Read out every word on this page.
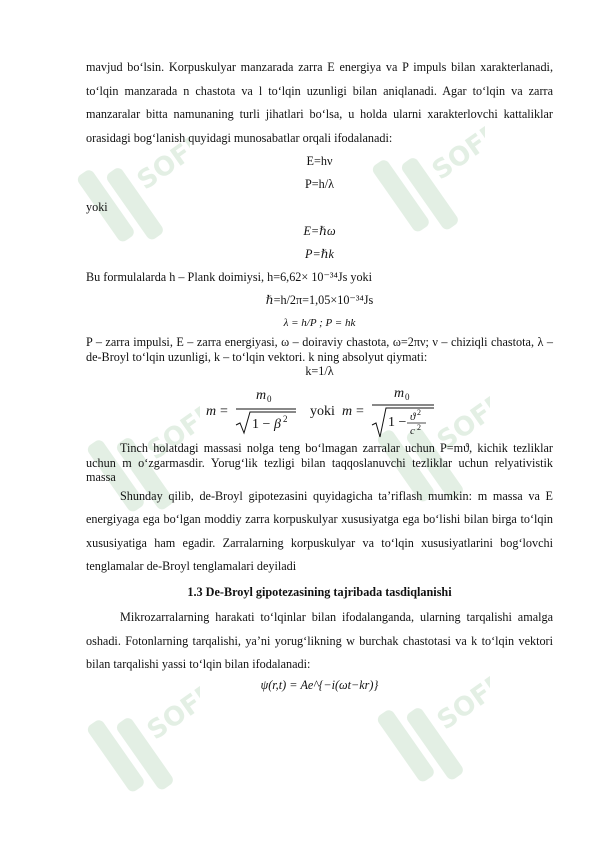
SOFF	SOFF
SOFF	SOFF
SOFF	SOFF

mavjud bo‘lsin. Korpuskulyar manzarada zarra E energiya va P impuls bilan xarakterlanadi, to‘lqin manzarada n chastota va l to‘lqin uzunligi bilan aniqlanadi. Agar to‘lqin va zarra manzaralar bitta namunaning turli jihatlari bo‘lsa, u holda ularni xarakterlovchi kattaliklar orasidagi bog‘lanish quyidagi munosabatlar orqali ifodalanadi:

E=hν

P=h/λ

yoki

E=ℏω

P=ℏk

Bu formulalarda h – Plank doimiysi, h=6,62× 10⁻³⁴Js yoki

ℏ=h/2π=1,05×10⁻³⁴Js

λ = h/P ; P = hk

P – zarra impulsi, E – zarra energiyasi, ω – doiraviy chastota, ω=2πν; ν – chiziqli chastota, λ – de-Broyl to‘lqin uzunligi, k – to‘lqin vektori. k ning absolyut qiymati:

k=1/λ

m =
m 0
1 − β 2 yoki m =
m 0
1 − ϑ 2
c 2

Tinch holatdagi massasi nolga teng bo‘lmagan zarralar uchun P=mϑ, kichik tezliklar uchun m o‘zgarmasdir. Yorug‘lik tezligi bilan taqqoslanuvchi tezliklar uchun relyativistik massa

Shunday qilib, de-Broyl gipotezasini quyidagicha ta’riflash mumkin: m massa va E energiyaga ega bo‘lgan moddiy zarra korpuskulyar xususiyatga ega bo‘lishi bilan birga to‘lqin xususiyatiga ham egadir. Zarralarning korpuskulyar va to‘lqin xususiyatlarini bog‘lovchi tenglamalar de-Broyl tenglamalari deyiladi

1.3 De-Broyl gipotezasining tajribada tasdiqlanishi

Mikrozarralarning harakati to‘lqinlar bilan ifodalanganda, ularning tarqalishi amalga oshadi. Fotonlarning tarqalishi, ya’ni yorug‘likning w burchak chastotasi va k to‘lqin vektori bilan tarqalishi yassi to‘lqin bilan ifodalanadi:

ψ(r,t) = Ae^{−i(ωt−kr)}
